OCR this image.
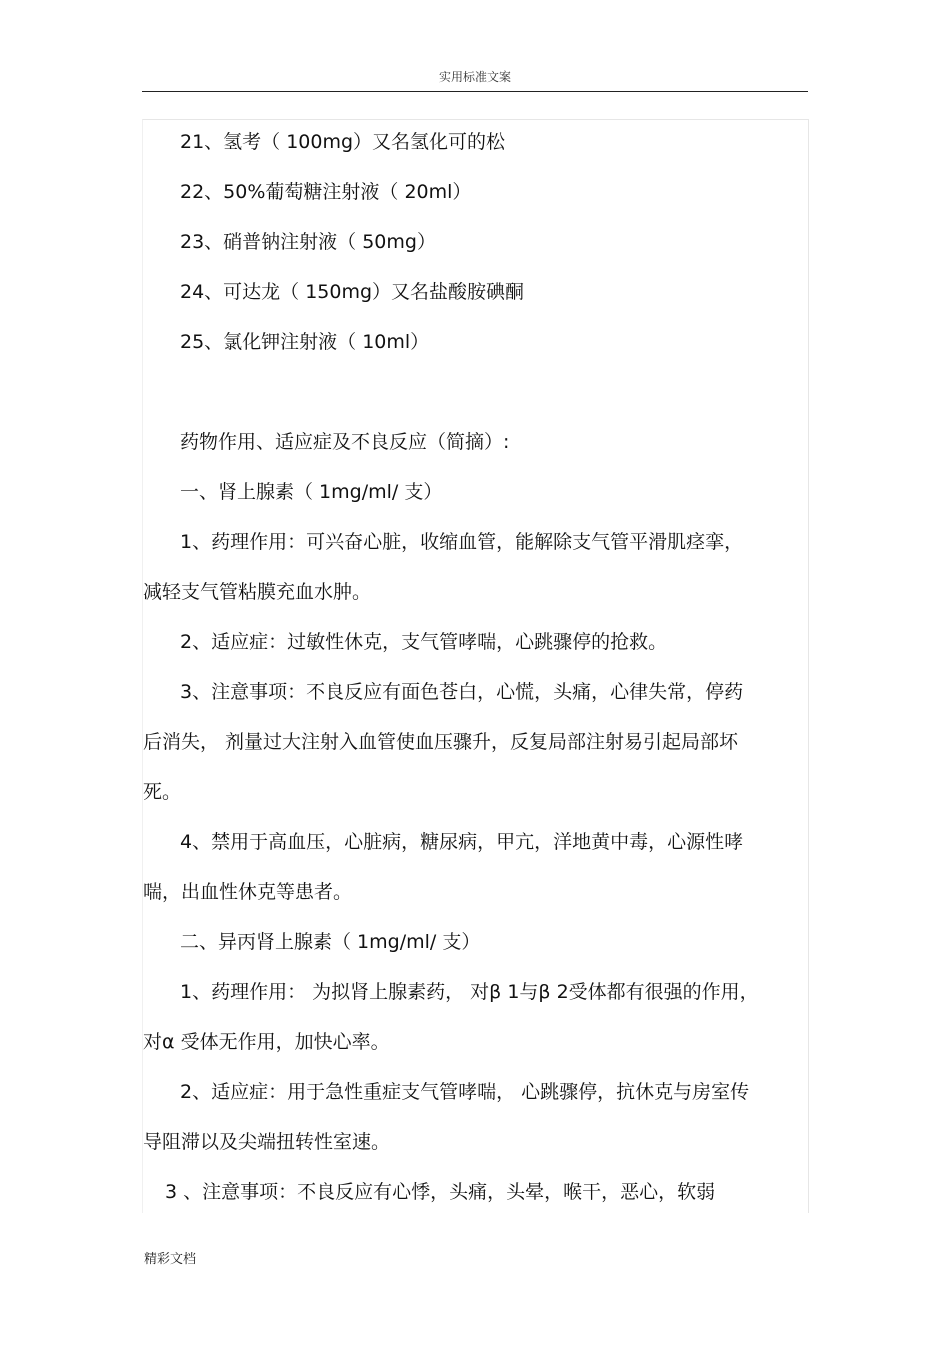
实用标准文案
21、氢考（ 100mg）又名氢化可的松
22、50%葡萄糖注射液（ 20ml）
23、硝普钠注射液（ 50mg）
24、可达龙（ 150mg）又名盐酸胺碘酮
25、氯化钾注射液（ 10ml）
药物作用、适应症及不良反应（简摘）:
一、肾上腺素（ 1mg/ml/ 支）
1、药理作用：可兴奋心脏，收缩血管，能解除支气管平滑肌痉挛，
减轻支气管粘膜充血水肿。
2、适应症：过敏性休克，支气管哮喘，心跳骤停的抢救。
3、注意事项：不良反应有面色苍白，心慌，头痛，心律失常，停药
后消失， 剂量过大注射入血管使血压骤升，反复局部注射易引起局部坏
死。
4、禁用于高血压，心脏病，糖尿病，甲亢，洋地黄中毒，心源性哮
喘，出血性休克等患者。
二、异丙肾上腺素（ 1mg/ml/ 支）
1、药理作用： 为拟肾上腺素药， 对β 1与β 2受体都有很强的作用，
对α 受体无作用，加快心率。
2、适应症：用于急性重症支气管哮喘， 心跳骤停，抗休克与房室传
导阻滞以及尖端扭转性室速。
3 、注意事项：不良反应有心悸，头痛，头晕，喉干，恶心，软弱
精彩文档
